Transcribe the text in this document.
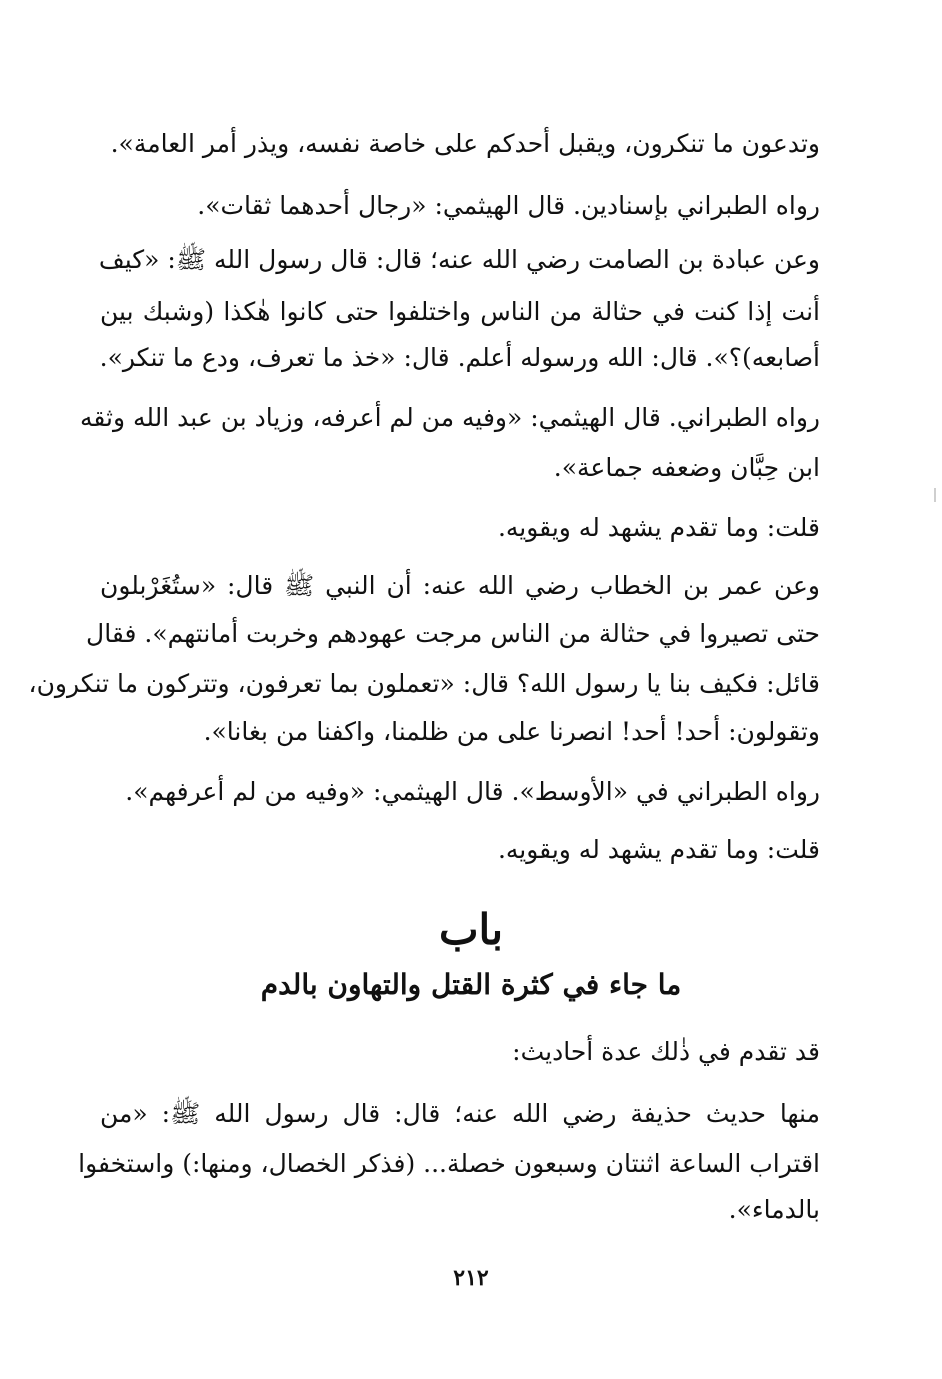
وتدعون ما تنكرون، ويقبل أحدكم على خاصة نفسه، ويذر أمر العامة».
رواه الطبراني بإسنادين. قال الهيثمي: «رجال أحدهما ثقات».
وعن عبادة بن الصامت رضي الله عنه؛ قال: قال رسول الله ﷺ: «كيف
أنت إذا كنت في حثالة من الناس واختلفوا حتى كانوا هٰكذا (وشبك بين
أصابعه)؟». قال: الله ورسوله أعلم. قال: «خذ ما تعرف، ودع ما تنكر».
رواه الطبراني. قال الهيثمي: «وفيه من لم أعرفه، وزياد بن عبد الله وثقه
ابن حِبَّان وضعفه جماعة».
قلت: وما تقدم يشهد له ويقويه.
وعن عمر بن الخطاب رضي الله عنه: أن النبي ﷺ قال: «ستُغَرْبلون
حتى تصيروا في حثالة من الناس مرجت عهودهم وخربت أمانتهم». فقال
قائل: فكيف بنا يا رسول الله؟ قال: «تعملون بما تعرفون، وتتركون ما تنكرون،
وتقولون: أحد! أحد! انصرنا على من ظلمنا، واكفنا من بغانا».
رواه الطبراني في «الأوسط». قال الهيثمي: «وفيه من لم أعرفهم».
قلت: وما تقدم يشهد له ويقويه.
باب
ما جاء في كثرة القتل والتهاون بالدم
قد تقدم في ذٰلك عدة أحاديث:
منها حديث حذيفة رضي الله عنه؛ قال: قال رسول الله ﷺ: «من
اقتراب الساعة اثنتان وسبعون خصلة... (فذكر الخصال، ومنها:) واستخفوا
بالدماء».
٢١٢
